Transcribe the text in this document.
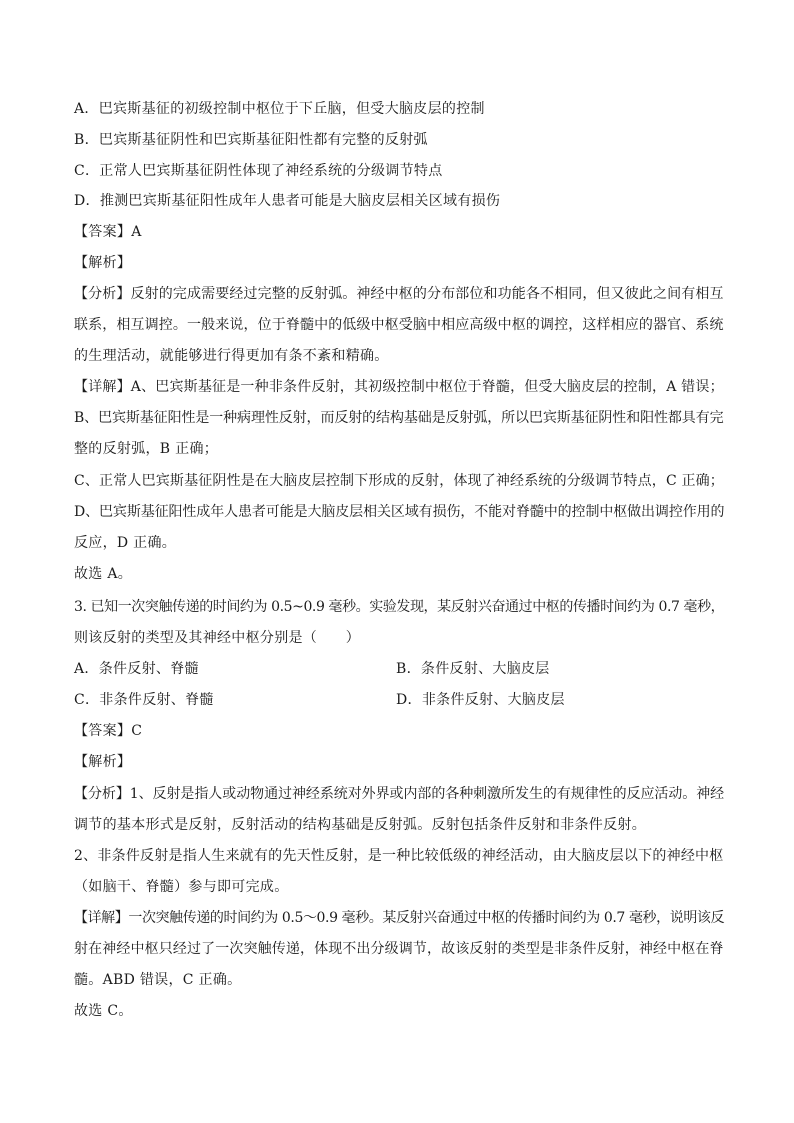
A．巴宾斯基征的初级控制中枢位于下丘脑，但受大脑皮层的控制
B．巴宾斯基征阴性和巴宾斯基征阳性都有完整的反射弧
C．正常人巴宾斯基征阴性体现了神经系统的分级调节特点
D．推测巴宾斯基征阳性成年人患者可能是大脑皮层相关区域有损伤
【答案】A
【解析】
【分析】反射的完成需要经过完整的反射弧。神经中枢的分布部位和功能各不相同，但又彼此之间有相互
联系，相互调控。一般来说，位于脊髓中的低级中枢受脑中相应高级中枢的调控，这样相应的器官、系统
的生理活动，就能够进行得更加有条不紊和精确。
【详解】A、巴宾斯基征是一种非条件反射，其初级控制中枢位于脊髓，但受大脑皮层的控制，A 错误；
B、巴宾斯基征阳性是一种病理性反射，而反射的结构基础是反射弧，所以巴宾斯基征阴性和阳性都具有完
整的反射弧，B 正确；
C、正常人巴宾斯基征阴性是在大脑皮层控制下形成的反射，体现了神经系统的分级调节特点，C 正确；
D、巴宾斯基征阳性成年人患者可能是大脑皮层相关区域有损伤，不能对脊髓中的控制中枢做出调控作用的
反应，D 正确。
故选 A。
3. 已知一次突触传递的时间约为 0.5~0.9 毫秒。实验发现，某反射兴奋通过中枢的传播时间约为 0.7 毫秒，
则该反射的类型及其神经中枢分别是（　　）
A．条件反射、脊髓	B．条件反射、大脑皮层
C．非条件反射、脊髓	D．非条件反射、大脑皮层
【答案】C
【解析】
【分析】1、反射是指人或动物通过神经系统对外界或内部的各种刺激所发生的有规律性的反应活动。神经
调节的基本形式是反射，反射活动的结构基础是反射弧。反射包括条件反射和非条件反射。
2、非条件反射是指人生来就有的先天性反射，是一种比较低级的神经活动，由大脑皮层以下的神经中枢
（如脑干、脊髓）参与即可完成。
【详解】一次突触传递的时间约为 0.5～0.9 毫秒。某反射兴奋通过中枢的传播时间约为 0.7 毫秒，说明该反
射在神经中枢只经过了一次突触传递，体现不出分级调节，故该反射的类型是非条件反射，神经中枢在脊
髓。ABD 错误，C 正确。
故选 C。
